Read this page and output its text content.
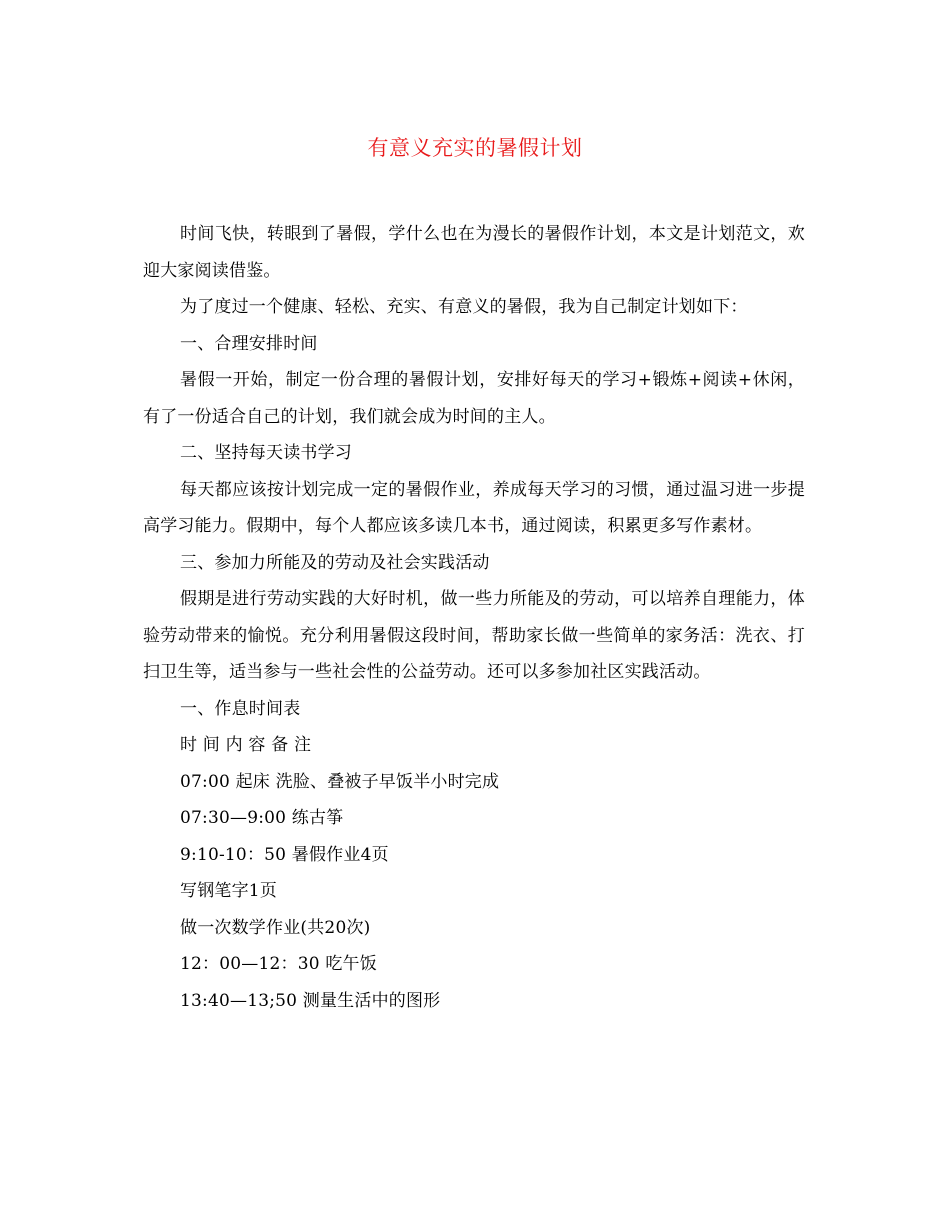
有意义充实的暑假计划

时间飞快，转眼到了暑假，学什么也在为漫长的暑假作计划，本文是计划范文，欢迎大家阅读借鉴。

为了度过一个健康、轻松、充实、有意义的暑假，我为自己制定计划如下：

一、合理安排时间

暑假一开始，制定一份合理的暑假计划，安排好每天的学习+锻炼+阅读+休闲，有了一份适合自己的计划，我们就会成为时间的主人。

二、坚持每天读书学习

每天都应该按计划完成一定的暑假作业，养成每天学习的习惯，通过温习进一步提高学习能力。假期中，每个人都应该多读几本书，通过阅读，积累更多写作素材。

三、参加力所能及的劳动及社会实践活动

假期是进行劳动实践的大好时机，做一些力所能及的劳动，可以培养自理能力，体验劳动带来的愉悦。充分利用暑假这段时间，帮助家长做一些简单的家务活：洗衣、打扫卫生等，适当参与一些社会性的公益劳动。还可以多参加社区实践活动。

一、作息时间表

时 间 内 容 备 注

07:00 起床 洗脸、叠被子早饭半小时完成

07:30—9:00 练古筝

9:10-10：50 暑假作业4页

写钢笔字1页

做一次数学作业(共20次)

12：00—12：30 吃午饭

13:40—13;50 测量生活中的图形
